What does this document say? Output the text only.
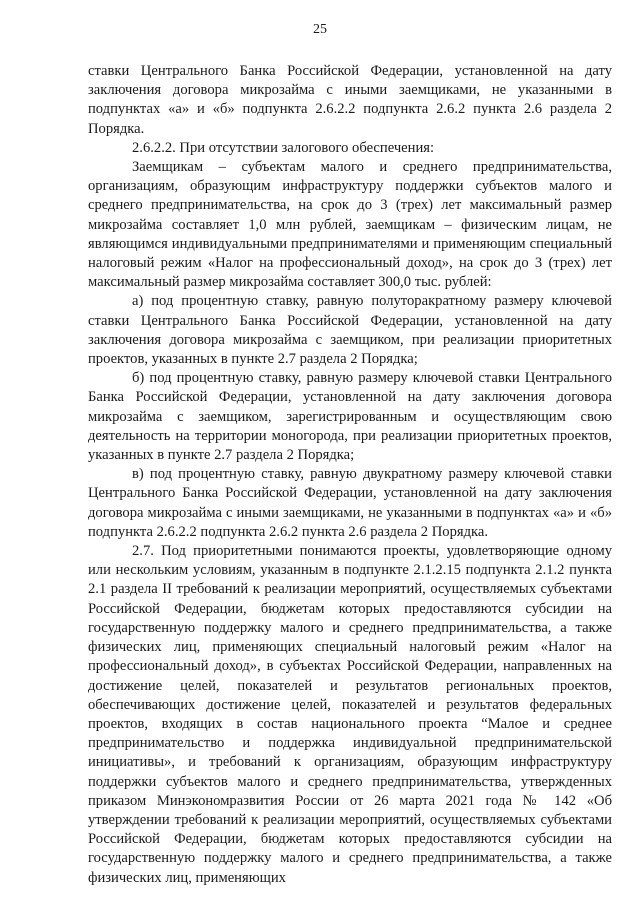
25

ставки Центрального Банка Российской Федерации, установленной на дату заключения договора микрозайма с иными заемщиками, не указанными в подпунктах «а» и «б» подпункта 2.6.2.2 подпункта 2.6.2 пункта 2.6 раздела 2 Порядка.

2.6.2.2. При отсутствии залогового обеспечения:

Заемщикам – субъектам малого и среднего предпринимательства, организациям, образующим инфраструктуру поддержки субъектов малого и среднего предпринимательства, на срок до 3 (трех) лет максимальный размер микрозайма составляет 1,0 млн рублей, заемщикам – физическим лицам, не являющимся индивидуальными предпринимателями и применяющим специальный налоговый режим «Налог на профессиональный доход», на срок до 3 (трех) лет максимальный размер микрозайма составляет 300,0 тыс. рублей:

а) под процентную ставку, равную полуторакратному размеру ключевой ставки Центрального Банка Российской Федерации, установленной на дату заключения договора микрозайма с заемщиком, при реализации приоритетных проектов, указанных в пункте 2.7 раздела 2 Порядка;

б) под процентную ставку, равную размеру ключевой ставки Центрального Банка Российской Федерации, установленной на дату заключения договора микрозайма с заемщиком, зарегистрированным и осуществляющим свою деятельность на территории моногорода, при реализации приоритетных проектов, указанных в пункте 2.7 раздела 2 Порядка;

в) под процентную ставку, равную двукратному размеру ключевой ставки Центрального Банка Российской Федерации, установленной на дату заключения договора микрозайма с иными заемщиками, не указанными в подпунктах «а» и «б» подпункта 2.6.2.2 подпункта 2.6.2 пункта 2.6 раздела 2 Порядка.

2.7. Под приоритетными понимаются проекты, удовлетворяющие одному или нескольким условиям, указанным в подпункте 2.1.2.15 подпункта 2.1.2 пункта 2.1 раздела II требований к реализации мероприятий, осуществляемых субъектами Российской Федерации, бюджетам которых предоставляются субсидии на государственную поддержку малого и среднего предпринимательства, а также физических лиц, применяющих специальный налоговый режим «Налог на профессиональный доход», в субъектах Российской Федерации, направленных на достижение целей, показателей и результатов региональных проектов, обеспечивающих достижение целей, показателей и результатов федеральных проектов, входящих в состав национального проекта “Малое и среднее предпринимательство и поддержка индивидуальной предпринимательской инициативы», и требований к организациям, образующим инфраструктуру поддержки субъектов малого и среднего предпринимательства, утвержденных приказом Минэкономразвития России от 26 марта 2021 года № 142 «Об утверждении требований к реализации мероприятий, осуществляемых субъектами Российской Федерации, бюджетам которых предоставляются субсидии на государственную поддержку малого и среднего предпринимательства, а также физических лиц, применяющих
